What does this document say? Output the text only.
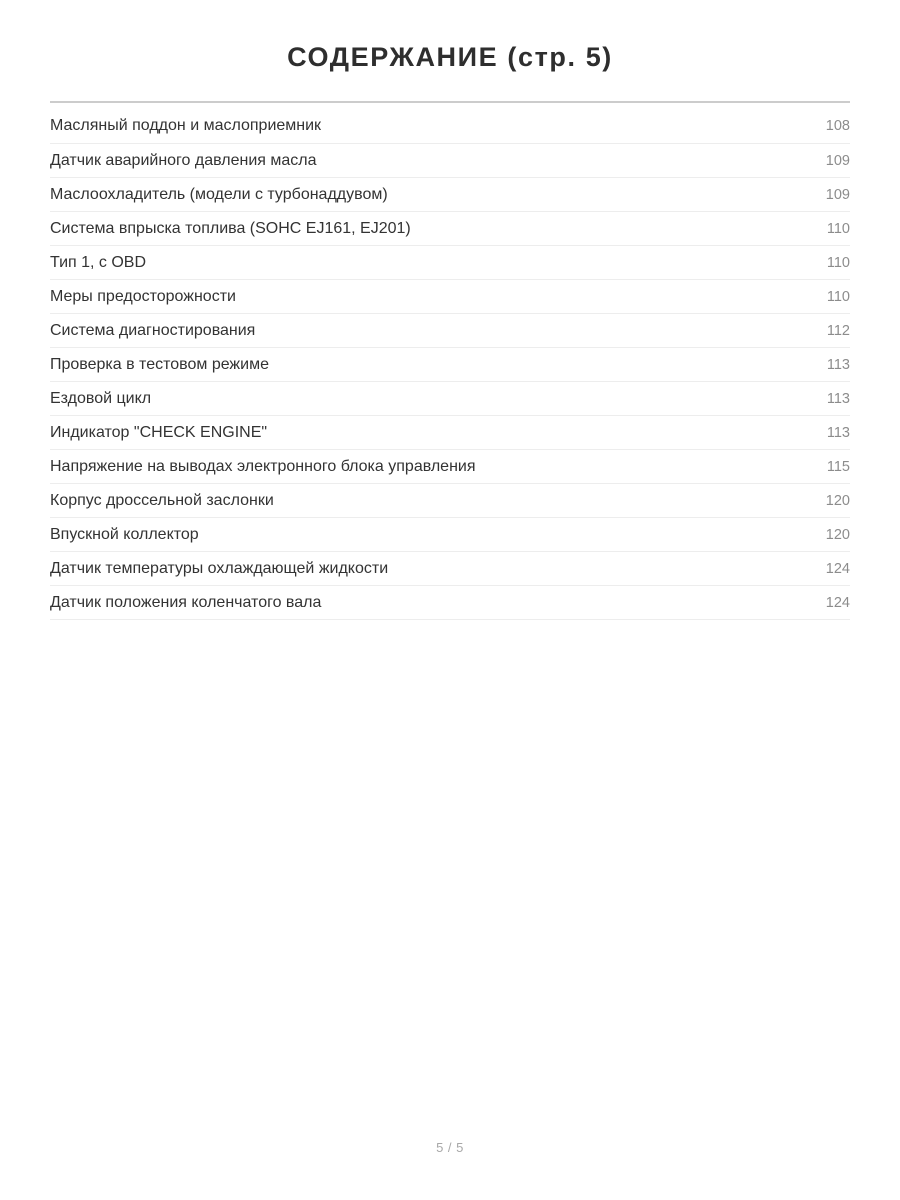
СОДЕРЖАНИЕ (стр. 5)
Масляный поддон и маслоприемник	108
Датчик аварийного давления масла	109
Маслоохладитель (модели с турбонаддувом)	109
Система впрыска топлива (SOHC EJ161, EJ201)	110
Тип 1, с OBD	110
Меры предосторожности	110
Система диагностирования	112
Проверка в тестовом режиме	113
Ездовой цикл	113
Индикатор "CHECK ENGINE"	113
Напряжение на выводах электронного блока управления	115
Корпус дроссельной заслонки	120
Впускной коллектор	120
Датчик температуры охлаждающей жидкости	124
Датчик положения коленчатого вала	124
5 / 5
